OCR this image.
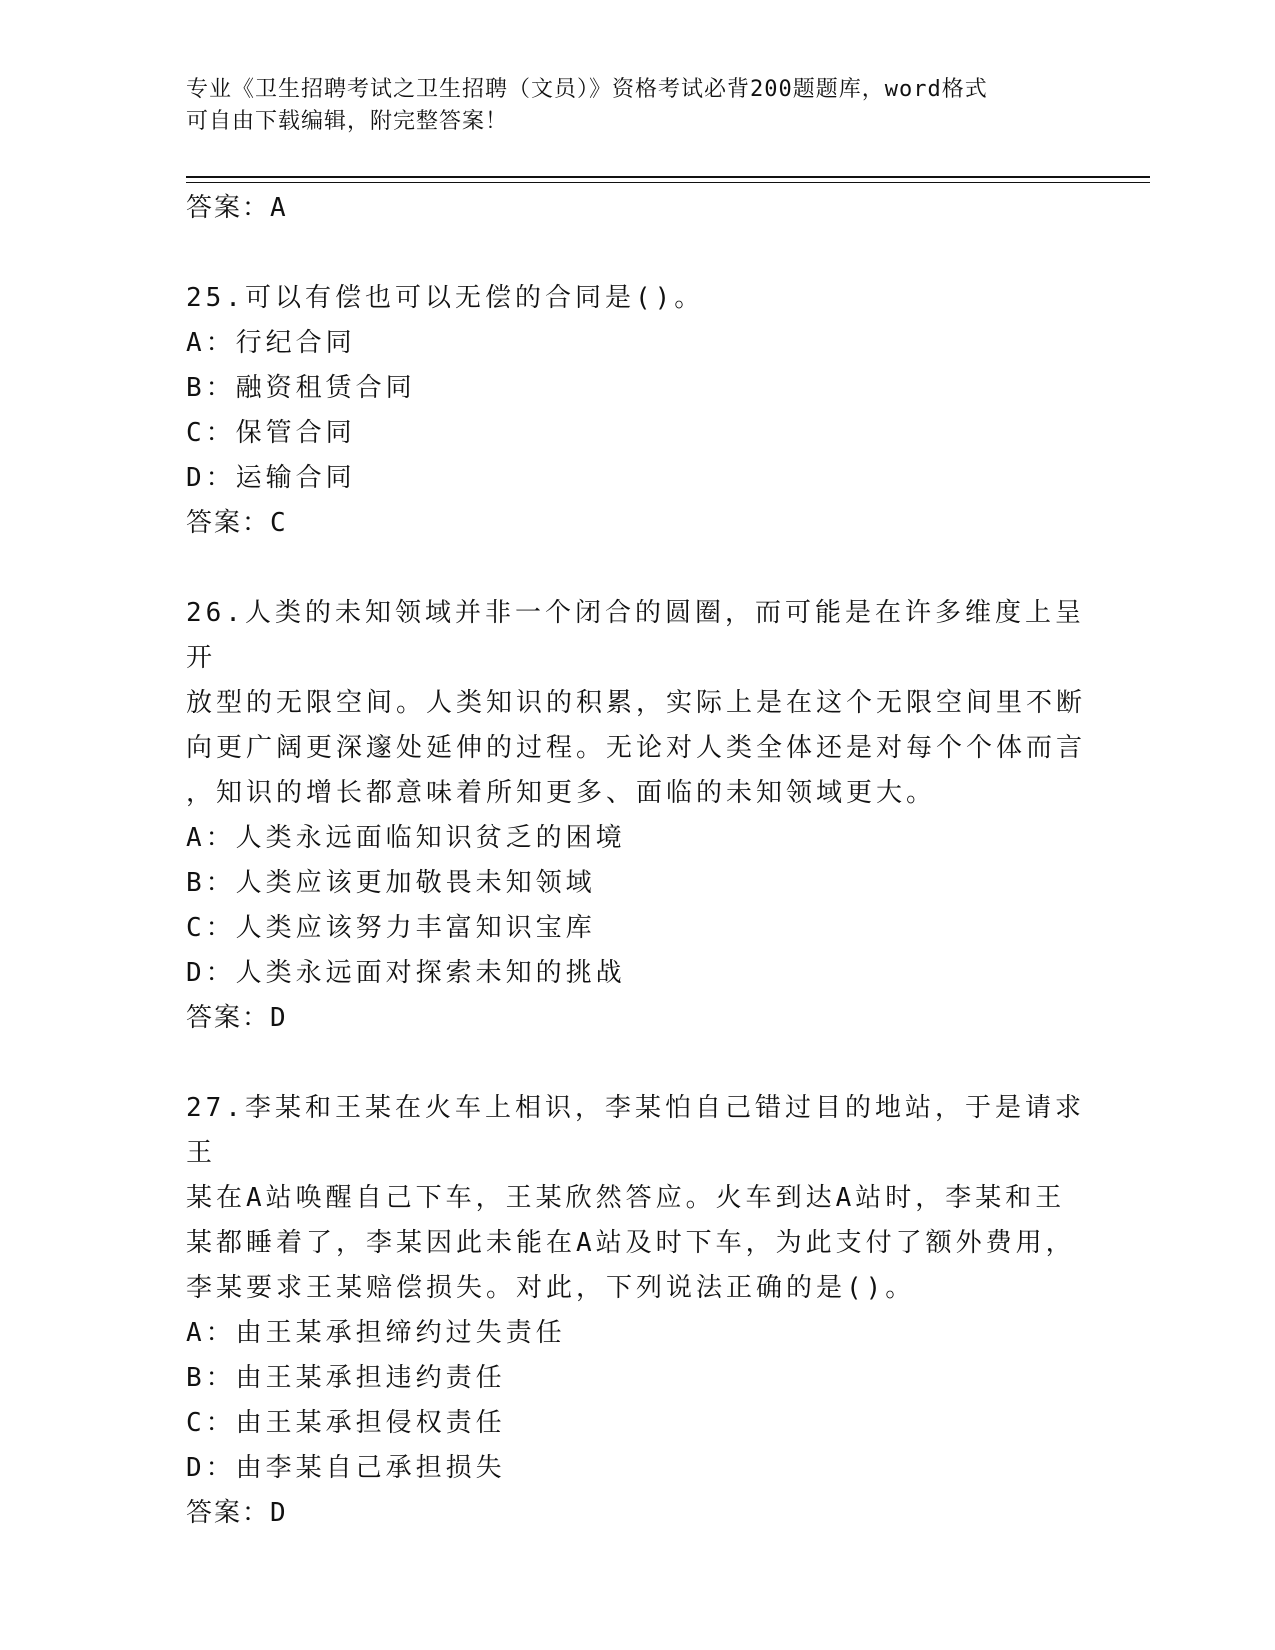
专业《卫生招聘考试之卫生招聘（文员）》资格考试必背200题题库，word格式
可自由下载编辑，附完整答案！

答案：A

25.可以有偿也可以无偿的合同是()。

A：行纪合同

B：融资租赁合同

C：保管合同

D：运输合同

答案：C

26.人类的未知领域并非一个闭合的圆圈，而可能是在许多维度上呈开

放型的无限空间。人类知识的积累，实际上是在这个无限空间里不断

向更广阔更深邃处延伸的过程。无论对人类全体还是对每个个体而言

，知识的增长都意味着所知更多、面临的未知领域更大。

A：人类永远面临知识贫乏的困境

B：人类应该更加敬畏未知领域

C：人类应该努力丰富知识宝库

D：人类永远面对探索未知的挑战

答案：D

27.李某和王某在火车上相识，李某怕自己错过目的地站，于是请求王

某在A站唤醒自己下车，王某欣然答应。火车到达A站时，李某和王

某都睡着了，李某因此未能在A站及时下车，为此支付了额外费用，

李某要求王某赔偿损失。对此，下列说法正确的是()。

A：由王某承担缔约过失责任

B：由王某承担违约责任

C：由王某承担侵权责任

D：由李某自己承担损失

答案：D
